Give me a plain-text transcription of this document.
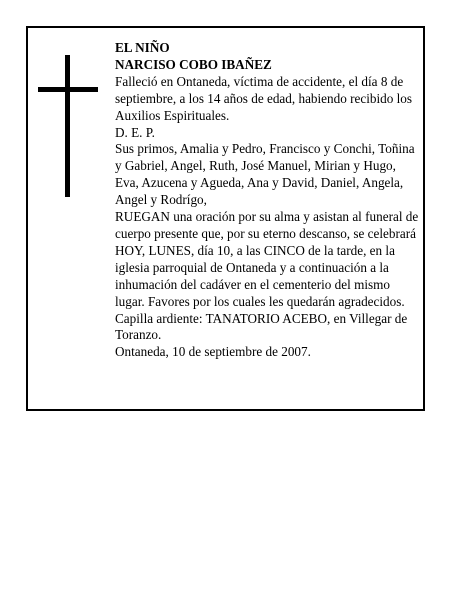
EL NIÑO

NARCISO COBO IBAÑEZ

Falleció en Ontaneda, víctima de accidente, el día 8 de septiembre, a los 14 años de edad, habiendo recibido los Auxilios Espirituales.

D. E. P.

Sus primos, Amalia y Pedro, Francisco y Conchi, Toñina y Gabriel, Angel, Ruth, José Manuel, Mirian y Hugo, Eva, Azucena y Agueda, Ana y David, Daniel, Angela, Angel y Rodrígo,

RUEGAN una oración por su alma y asistan al funeral de cuerpo presente que, por su eterno descanso, se celebrará HOY, LUNES, día 10, a las CINCO de la tarde, en la iglesia parroquial de Ontaneda y a continuación a la inhumación del cadáver en el cementerio del mismo lugar. Favores por los cuales les quedarán agradecidos. Capilla ardiente: TANATORIO ACEBO, en Villegar de Toranzo.

Ontaneda, 10 de septiembre de 2007.
